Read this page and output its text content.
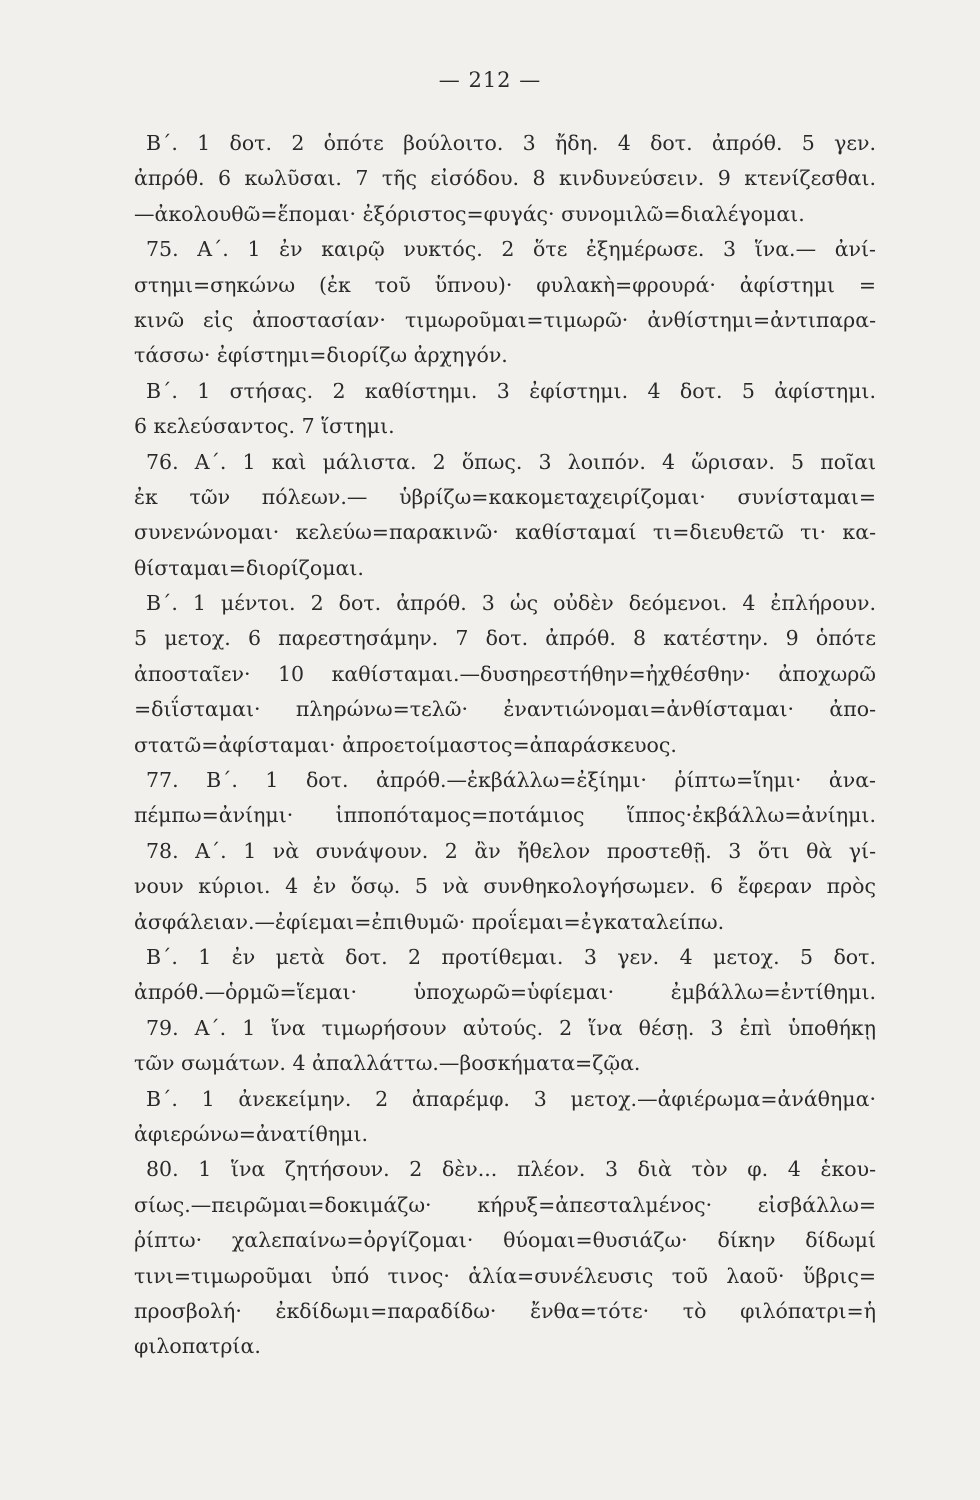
— 212 —
Β΄. 1 δοτ. 2 ὁπότε βούλοιτο. 3 ἤδη. 4 δοτ. ἀπρόθ. 5 γεν.
ἀπρόθ. 6 κωλῦσαι. 7 τῆς εἰσόδου. 8 κινδυνεύσειν. 9 κτενίζεσθαι.
—ἀκολουθῶ=ἕπομαι· ἐξόριστος=φυγάς· συνομιλῶ=διαλέγομαι.
75. Α΄. 1 ἐν καιρῷ νυκτός. 2 ὅτε ἐξημέρωσε. 3 ἵνα.— ἀνί-
στημι=σηκώνω (ἐκ τοῦ ὕπνου)· φυλακὴ=φρουρά· ἀφίστημι =
κινῶ εἰς ἀποστασίαν· τιμωροῦμαι=τιμωρῶ· ἀνθίστημι=ἀντιπαρα-
τάσσω· ἐφίστημι=διορίζω ἀρχηγόν.
Β΄. 1 στήσας. 2 καθίστημι. 3 ἐφίστημι. 4 δοτ. 5 ἀφίστημι.
6 κελεύσαντος. 7 ἵστημι.
76. Α΄. 1 καὶ μάλιστα. 2 ὅπως. 3 λοιπόν. 4 ὥρισαν. 5 ποῖαι
ἐκ τῶν πόλεων.— ὑβρίζω=κακομεταχειρίζομαι· συνίσταμαι=
συνενώνομαι· κελεύω=παρακινῶ· καθίσταμαί τι=διευθετῶ τι· κα-
θίσταμαι=διορίζομαι.
Β΄. 1 μέντοι. 2 δοτ. ἀπρόθ. 3 ὡς οὐδὲν δεόμενοι. 4 ἐπλήρουν.
5 μετοχ. 6 παρεστησάμην. 7 δοτ. ἀπρόθ. 8 κατέστην. 9 ὁπότε
ἀποσταῖεν· 10 καθίσταμαι.—δυσηρεστήθην=ἠχθέσθην· ἀποχωρῶ
=διΐσταμαι· πληρώνω=τελῶ· ἐναντιώνομαι=ἀνθίσταμαι· ἀπο-
στατῶ=ἀφίσταμαι· ἀπροετοίμαστος=ἀπαράσκευος.
77. Β΄. 1 δοτ. ἀπρόθ.—ἐκβάλλω=ἐξίημι· ῥίπτω=ἵημι· ἀνα-
πέμπω=ἀνίημι· ἱπποπόταμος=ποτάμιος ἵππος·ἐκβάλλω=ἀνίημι.
78. Α΄. 1 νὰ συνάψουν. 2 ἂν ἤθελον προστεθῇ. 3 ὅτι θὰ γί-
νουν κύριοι. 4 ἐν ὅσῳ. 5 νὰ συνθηκολογήσωμεν. 6 ἔφεραν πρὸς
ἀσφάλειαν.—ἐφίεμαι=ἐπιθυμῶ· προΐεμαι=ἐγκαταλείπω.
Β΄. 1 ἐν μετὰ δοτ. 2 προτίθεμαι. 3 γεν. 4 μετοχ. 5 δοτ.
ἀπρόθ.—ὁρμῶ=ἵεμαι· ὑποχωρῶ=ὑφίεμαι· ἐμβάλλω=ἐντίθημι.
79. Α΄. 1 ἵνα τιμωρήσουν αὐτούς. 2 ἵνα θέσῃ. 3 ἐπὶ ὑποθήκῃ
τῶν σωμάτων. 4 ἀπαλλάττω.—βοσκήματα=ζῷα.
Β΄. 1 ἀνεκείμην. 2 ἀπαρέμφ. 3 μετοχ.—ἀφιέρωμα=ἀνάθημα·
ἀφιερώνω=ἀνατίθημι.
80. 1 ἵνα ζητήσουν. 2 δὲν... πλέον. 3 διὰ τὸν φ. 4 ἑκου-
σίως.—πειρῶμαι=δοκιμάζω· κήρυξ=ἀπεσταλμένος· εἰσβάλλω=
ῥίπτω· χαλεπαίνω=ὀργίζομαι· θύομαι=θυσιάζω· δίκην δίδωμί
τινι=τιμωροῦμαι ὑπό τινος· ἁλία=συνέλευσις τοῦ λαοῦ· ὕβρις=
προσβολή· ἐκδίδωμι=παραδίδω· ἔνθα=τότε· τὸ φιλόπατρι=ἡ
φιλοπατρία.
